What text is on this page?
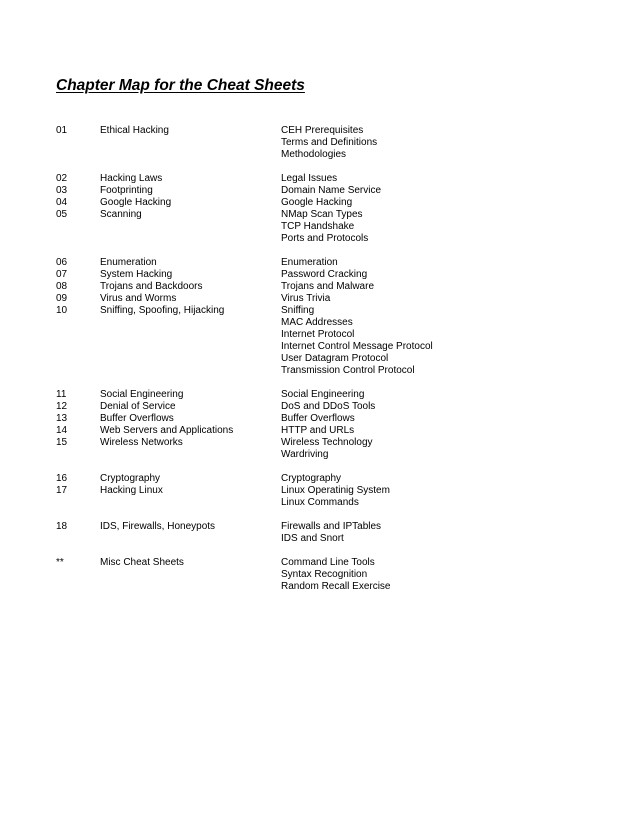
Chapter Map for the Cheat Sheets
01	Ethical Hacking	CEH Prerequisites
Terms and Definitions
Methodologies
02	Hacking Laws	Legal Issues
03	Footprinting	Domain Name Service
04	Google Hacking	Google Hacking
05	Scanning	NMap Scan Types
TCP Handshake
Ports and Protocols
06	Enumeration	Enumeration
07	System Hacking	Password Cracking
08	Trojans and Backdoors	Trojans and Malware
09	Virus and Worms	Virus Trivia
10	Sniffing, Spoofing, Hijacking	Sniffing
MAC Addresses
Internet Protocol
Internet Control Message Protocol
User Datagram Protocol
Transmission Control Protocol
11	Social Engineering	Social Engineering
12	Denial of Service	DoS and DDoS Tools
13	Buffer Overflows	Buffer Overflows
14	Web Servers and Applications	HTTP and URLs
15	Wireless Networks	Wireless Technology
Wardriving
16	Cryptography	Cryptography
17	Hacking Linux	Linux Operatinig System
Linux Commands
18	IDS, Firewalls, Honeypots	Firewalls and IPTables
IDS and Snort
**	Misc Cheat Sheets	Command Line Tools
Syntax Recognition
Random Recall Exercise
